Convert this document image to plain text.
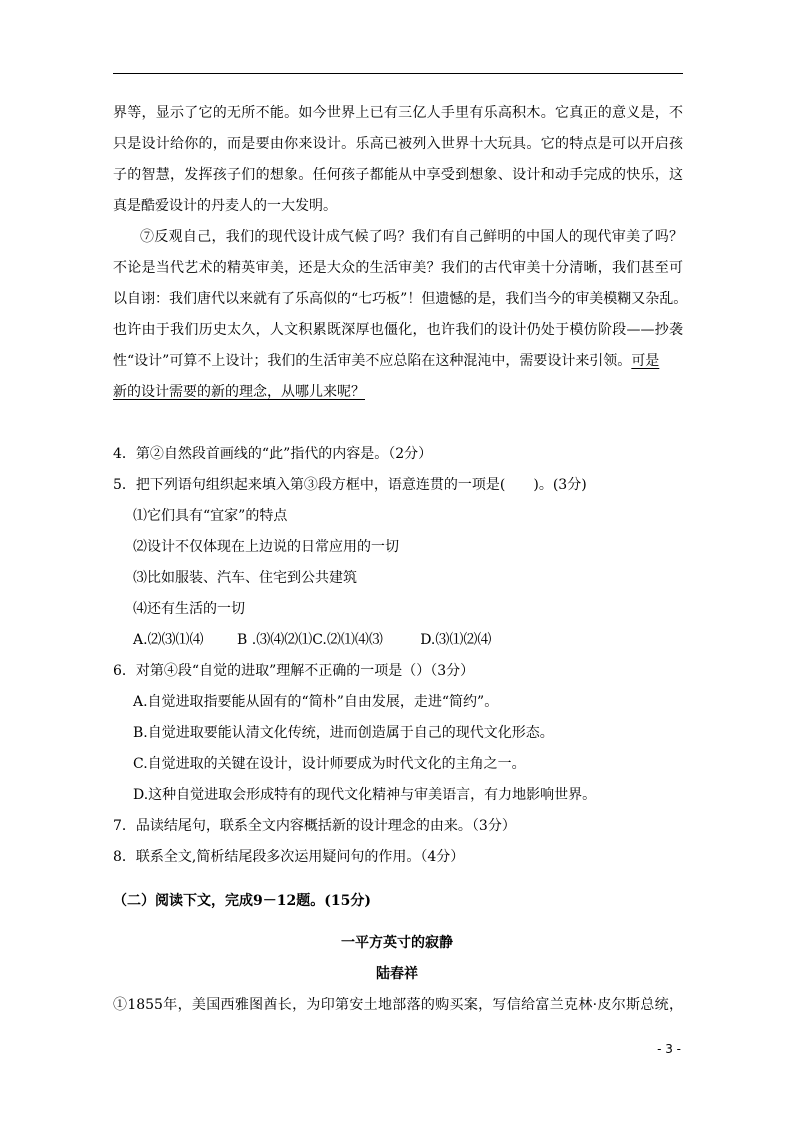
界等，显示了它的无所不能。如今世界上已有三亿人手里有乐高积木。它真正的意义是，不
只是设计给你的，而是要由你来设计。乐高已被列入世界十大玩具。它的特点是可以开启孩
子的智慧，发挥孩子们的想象。任何孩子都能从中享受到想象、设计和动手完成的快乐，这
真是酷爱设计的丹麦人的一大发明。
⑦反观自己，我们的现代设计成气候了吗？我们有自己鲜明的中国人的现代审美了吗？
不论是当代艺术的精英审美，还是大众的生活审美？我们的古代审美十分清晰，我们甚至可
以自诩：我们唐代以来就有了乐高似的“七巧板”！但遗憾的是，我们当今的审美模糊又杂乱。
也许由于我们历史太久，人文积累既深厚也僵化，也许我们的设计仍处于模仿阶段——抄袭
性“设计”可算不上设计；我们的生活审美不应总陷在这种混沌中，需要设计来引领。可是
新的设计需要的新的理念，从哪儿来呢？
4．第②自然段首画线的“此”指代的内容是。（2分）
5．把下列语句组织起来填入第③段方框中，语意连贯的一项是(　　)。(3分)
⑴它们具有“宜家”的特点
⑵设计不仅体现在上边说的日常应用的一切
⑶比如服装、汽车、住宅到公共建筑
⑷还有生活的一切
A.⑵⑶⑴⑷ B .⑶⑷⑵⑴C.⑵⑴⑷⑶	D.⑶⑴⑵⑷
6．对第④段“自觉的进取”理解不正确的一项是（）（3分）
A.自觉进取指要能从固有的“简朴”自由发展，走进“简约”。
B.自觉进取要能认清文化传统，进而创造属于自己的现代文化形态。
C.自觉进取的关键在设计，设计师要成为时代文化的主角之一。
D.这种自觉进取会形成特有的现代文化精神与审美语言，有力地影响世界。
7．品读结尾句，联系全文内容概括新的设计理念的由来。（3分）
8．联系全文,简析结尾段多次运用疑问句的作用。（4分）
（二）阅读下文，完成9－12题。(15分)
一平方英寸的寂静
陆春祥
①1855年，美国西雅图酋长，为印第安土地部落的购买案，写信给富兰克林·皮尔斯总统，
- 3 -
